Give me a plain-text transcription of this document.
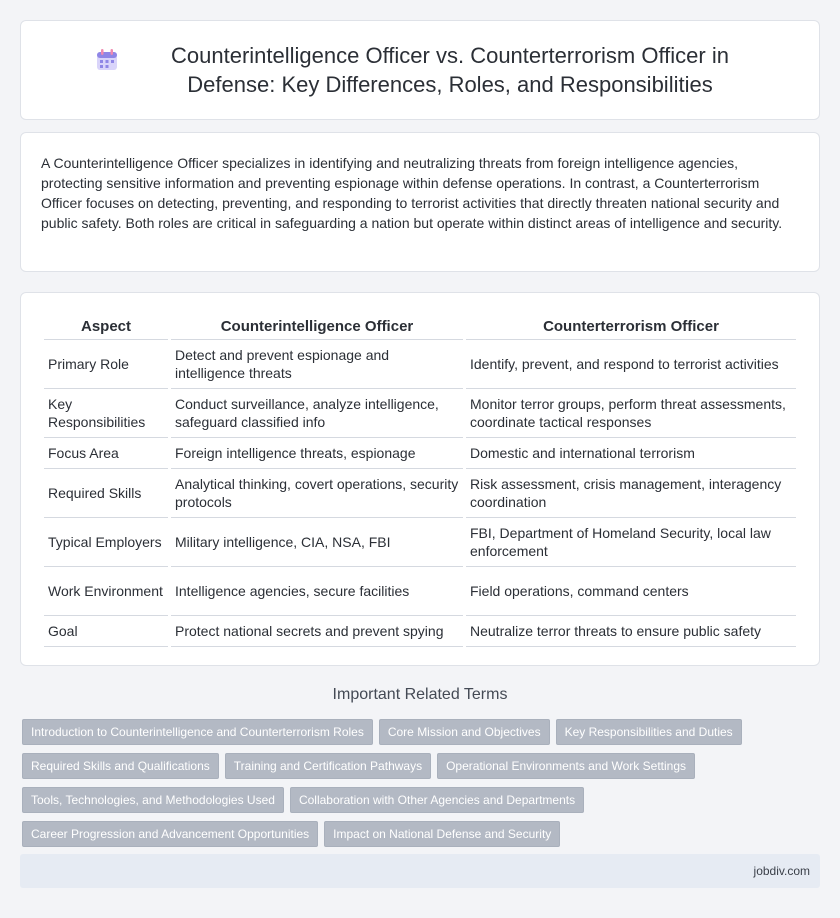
Counterintelligence Officer vs. Counterterrorism Officer in Defense: Key Differences, Roles, and Responsibilities

A Counterintelligence Officer specializes in identifying and neutralizing threats from foreign intelligence agencies, protecting sensitive information and preventing espionage within defense operations. In contrast, a Counterterrorism Officer focuses on detecting, preventing, and responding to terrorist activities that directly threaten national security and public safety. Both roles are critical in safeguarding a nation but operate within distinct areas of intelligence and security.

Aspect	Counterintelligence Officer	Counterterrorism Officer
Primary Role	Detect and prevent espionage and intelligence threats	Identify, prevent, and respond to terrorist activities
Key Responsibilities	Conduct surveillance, analyze intelligence, safeguard classified info	Monitor terror groups, perform threat assessments, coordinate tactical responses
Focus Area	Foreign intelligence threats, espionage	Domestic and international terrorism
Required Skills	Analytical thinking, covert operations, security protocols	Risk assessment, crisis management, interagency coordination
Typical Employers	Military intelligence, CIA, NSA, FBI	FBI, Department of Homeland Security, local law enforcement
Work Environment	Intelligence agencies, secure facilities	Field operations, command centers
Goal	Protect national secrets and prevent spying	Neutralize terror threats to ensure public safety
Important Related Terms
Introduction to Counterintelligence and Counterterrorism Roles	Core Mission and Objectives	Key Responsibilities and Duties
Required Skills and Qualifications	Training and Certification Pathways	Operational Environments and Work Settings
Tools, Technologies, and Methodologies Used	Collaboration with Other Agencies and Departments
Career Progression and Advancement Opportunities	Impact on National Defense and Security
jobdiv.com
